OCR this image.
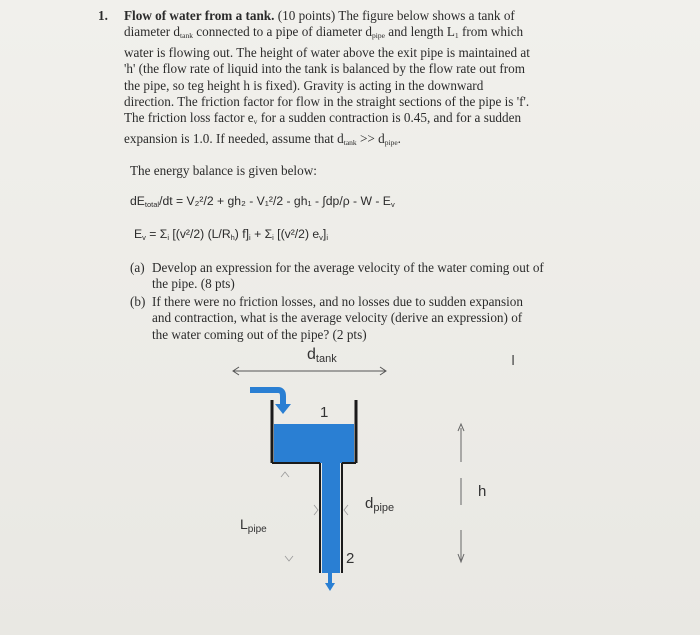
1. Flow of water from a tank. (10 points) The figure below shows a tank of
diameter $d_{tank}$ connected to a pipe of diameter $d_{pipe}$ and length $L_1$ from which
water is flowing out. The height of water above the exit pipe is maintained at
'h' (the flow rate of liquid into the tank is balanced by the flow rate out from
the pipe, so teg height h is fixed). Gravity is acting in the downward
direction. The friction factor for flow in the straight sections of the pipe is 'f'.
The friction loss factor $e_v$ for a sudden contraction is 0.45, and for a sudden
expansion is 1.0. If needed, assume that $d_{tank} >> d_{pipe}$.
The energy balance is given below:
$dE_{total}/dt = V_2^2/2 + gh_2 - V_1^2/2 - gh_1 - \int dp/\rho - W - E_v$
$E_v = \Sigma_i$ [(v²/2) $(L/R_h) f]_i + \Sigma_i$ [(v²/2) $e_v]_i$
(a) Develop an expression for the average velocity of the water coming out of
the pipe. (8 pts)
(b) If there were no friction losses, and no losses due to sudden expansion
and contraction, what is the average velocity (derive an expression) of
the water coming out of the pipe? (2 pts)
dtank
1
2
$d_{pipe}$
$L_{pipe}$
h
I
